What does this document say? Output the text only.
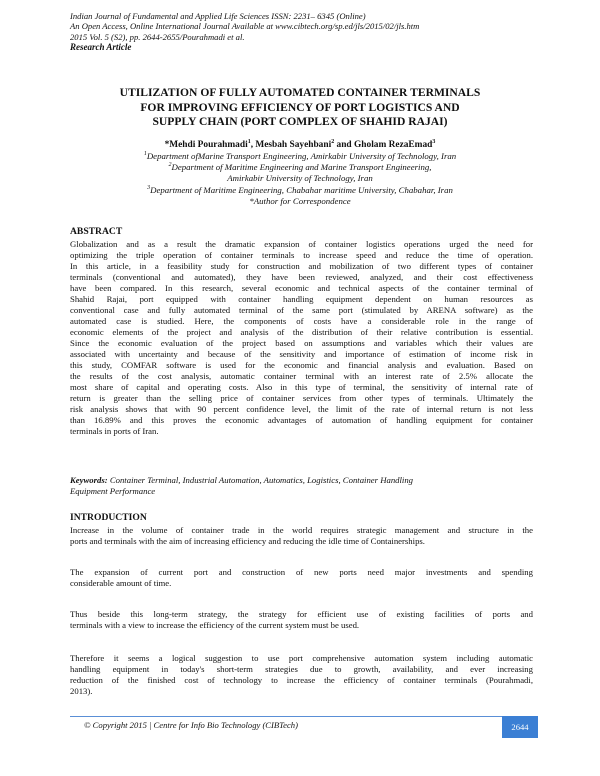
Indian Journal of Fundamental and Applied Life Sciences ISSN: 2231– 6345 (Online)
An Open Access, Online International Journal Available at www.cibtech.org/sp.ed/jls/2015/02/jls.htm
2015 Vol. 5 (S2), pp. 2644-2655/Pourahmadi et al.
Research Article
UTILIZATION OF FULLY AUTOMATED CONTAINER TERMINALS
FOR IMPROVING EFFICIENCY OF PORT LOGISTICS AND
SUPPLY CHAIN (PORT COMPLEX OF SHAHID RAJAI)
*Mehdi Pourahmadi$^1$, Mesbah Sayehbani$^2$ and Gholam RezaEmad$^3$
$^1$Department ofMarine Transport Engineering, Amirkabir University of Technology, Iran
$^2$Department of Maritime Engineering and Marine Transport Engineering,
Amirkabir University of Technology, Iran
$^3$Department of Maritime Engineering, Chabahar maritime University, Chabahar, Iran
*Author for Correspondence
ABSTRACT
Globalization and as a result the dramatic expansion of container logistics operations urged the need for
optimizing the triple operation of container terminals to increase speed and reduce the time of operation.
In this article, in a feasibility study for construction and mobilization of two different types of container
terminals (conventional and automated), they have been reviewed, analyzed, and their cost effectiveness
have been compared. In this research, several economic and technical aspects of the container terminal of
Shahid Rajai, port equipped with container handling equipment dependent on human resources as
conventional case and fully automated terminal of the same port (stimulated by ARENA software) as the
automated case is studied. Here, the components of costs have a considerable role in the range of
economic elements of the project and analysis of the distribution of their relative contribution is essential.
Since the economic evaluation of the project based on assumptions and variables which their values are
associated with uncertainty and because of the sensitivity and importance of estimation of income risk in
this study, COMFAR software is used for the economic and financial analysis and evaluation. Based on
the results of the cost analysis, automatic container terminal with an interest rate of 2.5% allocate the
most share of capital and operating costs. Also in this type of terminal, the sensitivity of internal rate of
return is greater than the selling price of container services from other types of terminals. Ultimately the
risk analysis shows that with 90 percent confidence level, the limit of the rate of internal return is not less
than 16.89% and this proves the economic advantages of automation of handling equipment for container
terminals in ports of Iran.
Keywords: Container Terminal, Industrial Automation, Automatics, Logistics, Container Handling
Equipment Performance
INTRODUCTION
Increase in the volume of container trade in the world requires strategic management and structure in the
ports and terminals with the aim of increasing efficiency and reducing the idle time of Containerships.
The expansion of current port and construction of new ports need major investments and spending
considerable amount of time.
Thus beside this long-term strategy, the strategy for efficient use of existing facilities of ports and
terminals with a view to increase the efficiency of the current system must be used.
Therefore it seems a logical suggestion to use port comprehensive automation system including automatic
handling equipment in today's short-term strategies due to growth, availability, and ever increasing
reduction of the finished cost of technology to increase the efficiency of container terminals (Pourahmadi,
2013).
© Copyright 2015 | Centre for Info Bio Technology (CIBTech)	2644
